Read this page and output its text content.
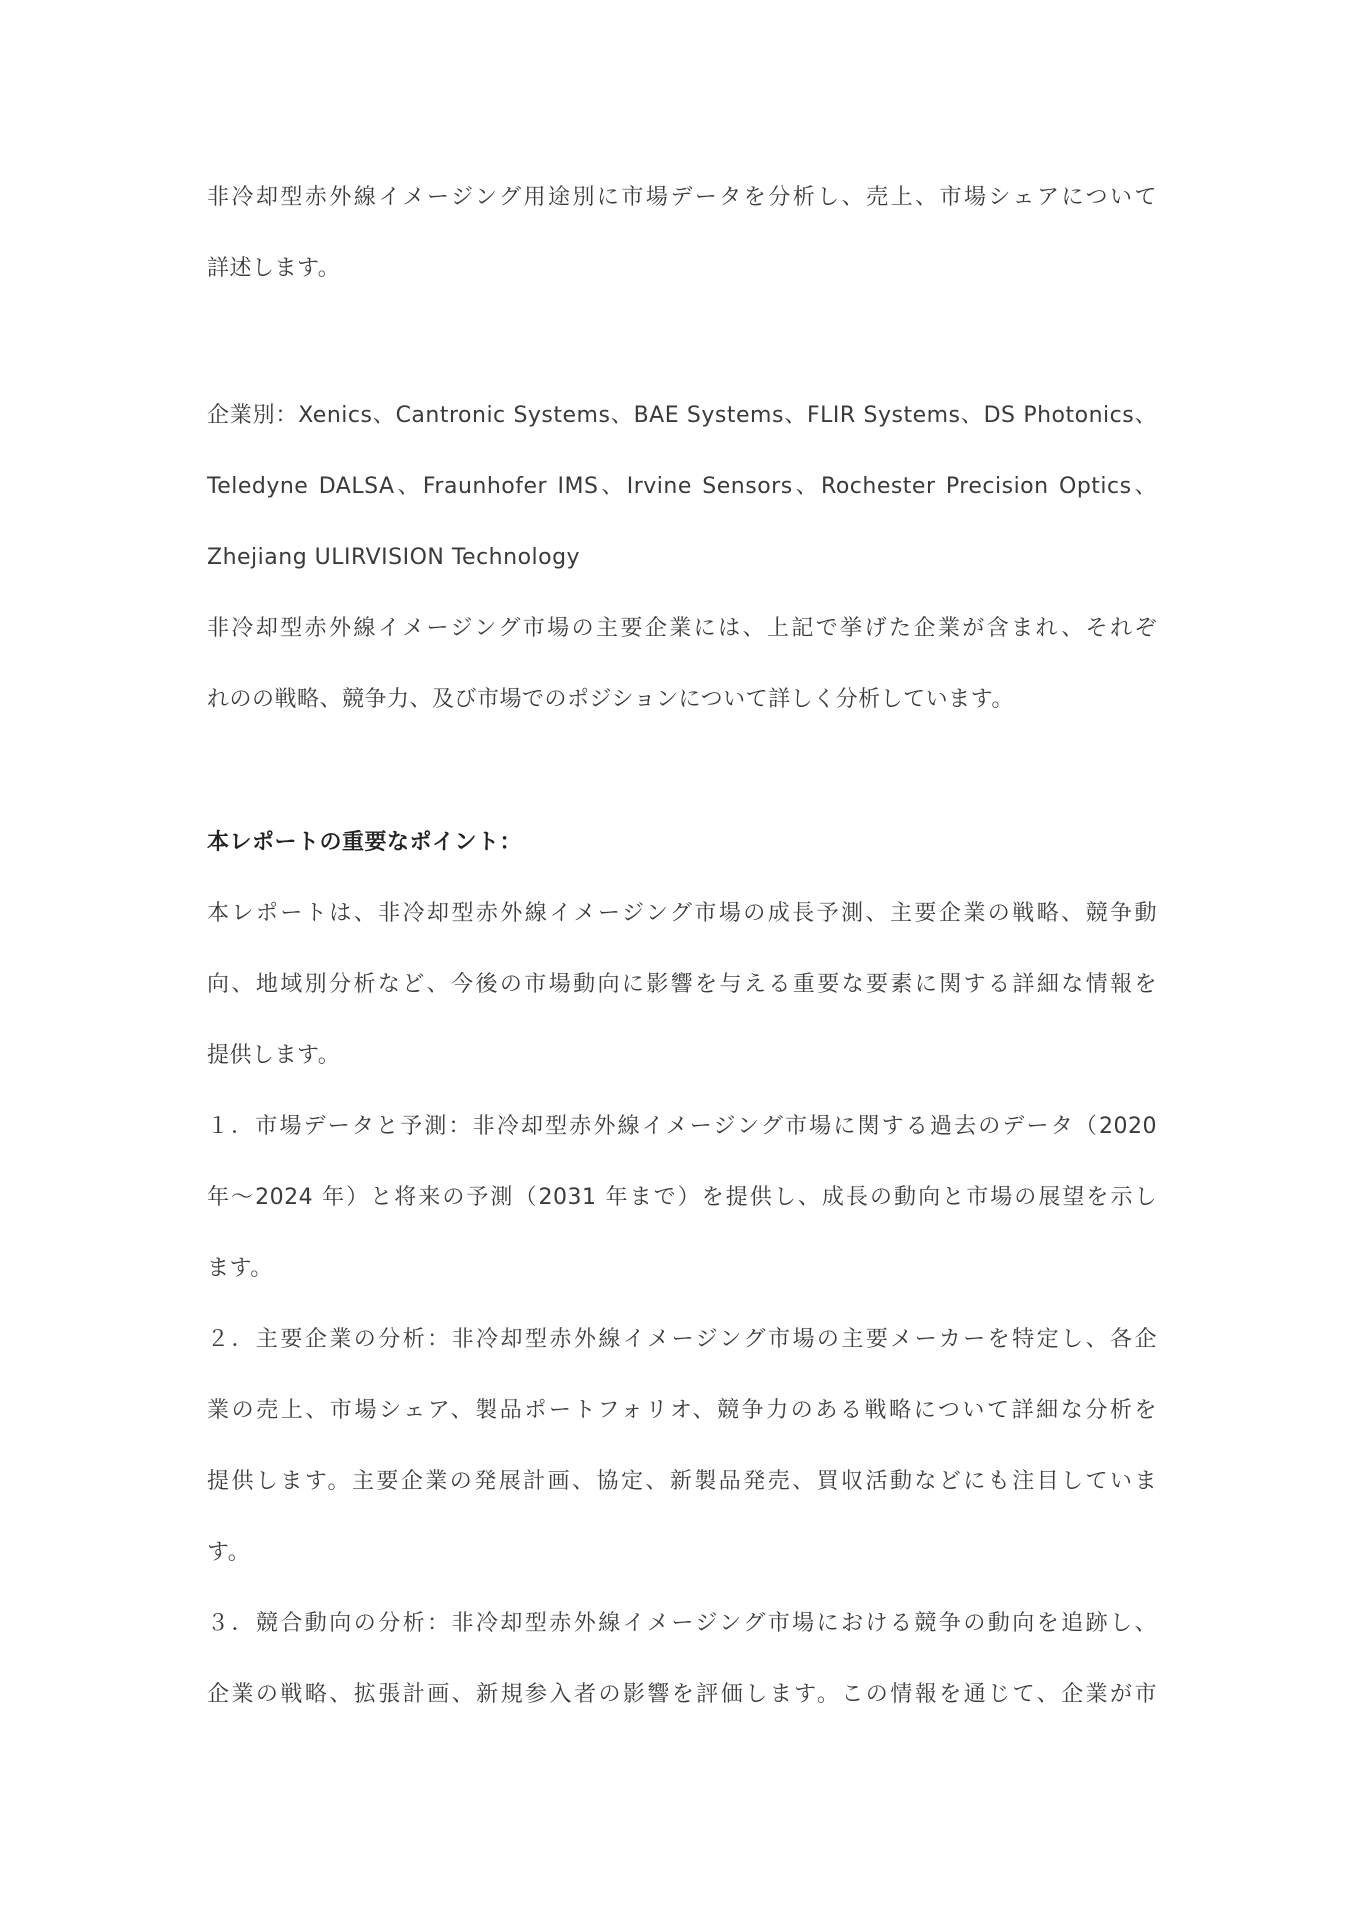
非冷却型赤外線イメージング用途別に市場データを分析し、売上、市場シェアについて
詳述します。
企業別：Xenics、Cantronic Systems、BAE Systems、FLIR Systems、DS Photonics、
Teledyne DALSA、Fraunhofer IMS、Irvine Sensors、Rochester Precision Optics、
Zhejiang ULIRVISION Technology
非冷却型赤外線イメージング市場の主要企業には、上記で挙げた企業が含まれ、それぞ
れのの戦略、競争力、及び市場でのポジションについて詳しく分析しています。
本レポートの重要なポイント：
本レポートは、非冷却型赤外線イメージング市場の成長予測、主要企業の戦略、競争動
向、地域別分析など、今後の市場動向に影響を与える重要な要素に関する詳細な情報を
提供します。
１．市場データと予測：非冷却型赤外線イメージング市場に関する過去のデータ（2020
年～2024 年）と将来の予測（2031 年まで）を提供し、成長の動向と市場の展望を示し
ます。
２．主要企業の分析：非冷却型赤外線イメージング市場の主要メーカーを特定し、各企
業の売上、市場シェア、製品ポートフォリオ、競争力のある戦略について詳細な分析を
提供します。主要企業の発展計画、協定、新製品発売、買収活動などにも注目していま
す。
３．競合動向の分析：非冷却型赤外線イメージング市場における競争の動向を追跡し、
企業の戦略、拡張計画、新規参入者の影響を評価します。この情報を通じて、企業が市
